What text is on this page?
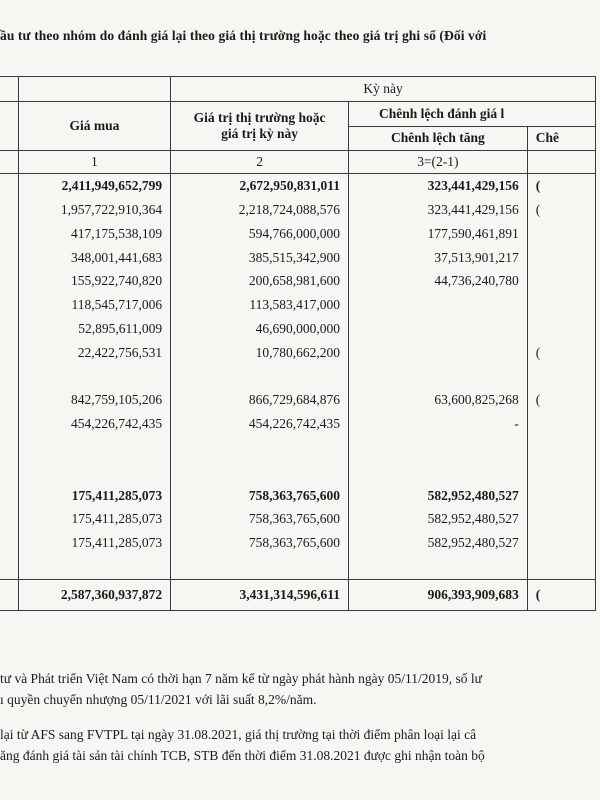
ầu tư theo nhóm do đánh giá lại theo giá thị trường hoặc theo giá trị ghi sổ (Đối với
		Kỳ này		
	Giá mua	Giá trị thị trường hoặc
giá trị kỳ này	Chênh lệch đánh giá l	
			Chênh lệch tăng	Chê
	1	2	3=(2-1)	
	2,411,949,652,799	2,672,950,831,011	323,441,429,156	(
	1,957,722,910,364	2,218,724,088,576	323,441,429,156	(
	417,175,538,109	594,766,000,000	177,590,461,891	
	348,001,441,683	385,515,342,900	37,513,901,217	
	155,922,740,820	200,658,981,600	44,736,240,780	
	118,545,717,006	113,583,417,000		
	52,895,611,009	46,690,000,000		
	22,422,756,531	10,780,662,200		(

	842,759,105,206	866,729,684,876	63,600,825,268	(
	454,226,742,435	454,226,742,435	-	

	175,411,285,073	758,363,765,600	582,952,480,527	
	175,411,285,073	758,363,765,600	582,952,480,527	
	175,411,285,073	758,363,765,600	582,952,480,527	

	2,587,360,937,872	3,431,314,596,611	906,393,909,683	(

tư và Phát triển Việt Nam có thời hạn 7 năm kể từ ngày phát hành ngày 05/11/2019, số lư

ı quyền chuyển nhượng 05/11/2021 với lãi suất 8,2%/năm.

lại từ AFS sang FVTPL tại ngày 31.08.2021, giá thị trường tại thời điểm phân loại lại câ

ăng đánh giá tài sản tài chính TCB, STB đến thời điểm 31.08.2021 được ghi nhận toàn bộ
